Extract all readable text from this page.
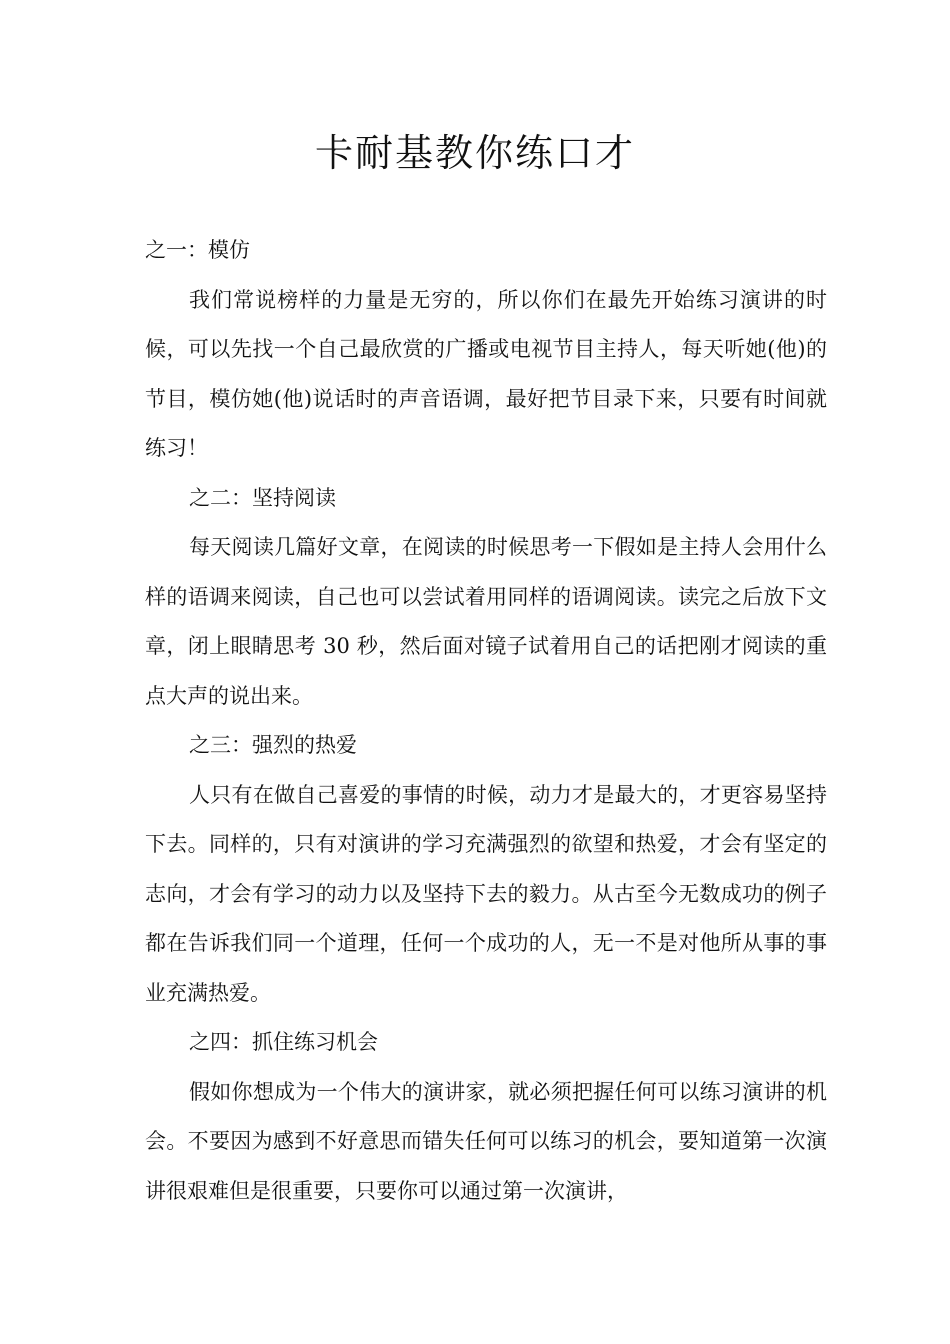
卡耐基教你练口才

之一：模仿

我们常说榜样的力量是无穷的，所以你们在最先开始练习演讲的时候，可以先找一个自己最欣赏的广播或电视节目主持人，每天听她(他)的节目，模仿她(他)说话时的声音语调，最好把节目录下来，只要有时间就练习！

之二：坚持阅读

每天阅读几篇好文章，在阅读的时候思考一下假如是主持人会用什么样的语调来阅读，自己也可以尝试着用同样的语调阅读。读完之后放下文章，闭上眼睛思考 30 秒，然后面对镜子试着用自己的话把刚才阅读的重点大声的说出来。

之三：强烈的热爱

人只有在做自己喜爱的事情的时候，动力才是最大的，才更容易坚持下去。同样的，只有对演讲的学习充满强烈的欲望和热爱，才会有坚定的志向，才会有学习的动力以及坚持下去的毅力。从古至今无数成功的例子都在告诉我们同一个道理，任何一个成功的人，无一不是对他所从事的事业充满热爱。

之四：抓住练习机会

假如你想成为一个伟大的演讲家，就必须把握任何可以练习演讲的机会。不要因为感到不好意思而错失任何可以练习的机会，要知道第一次演讲很艰难但是很重要，只要你可以通过第一次演讲，
